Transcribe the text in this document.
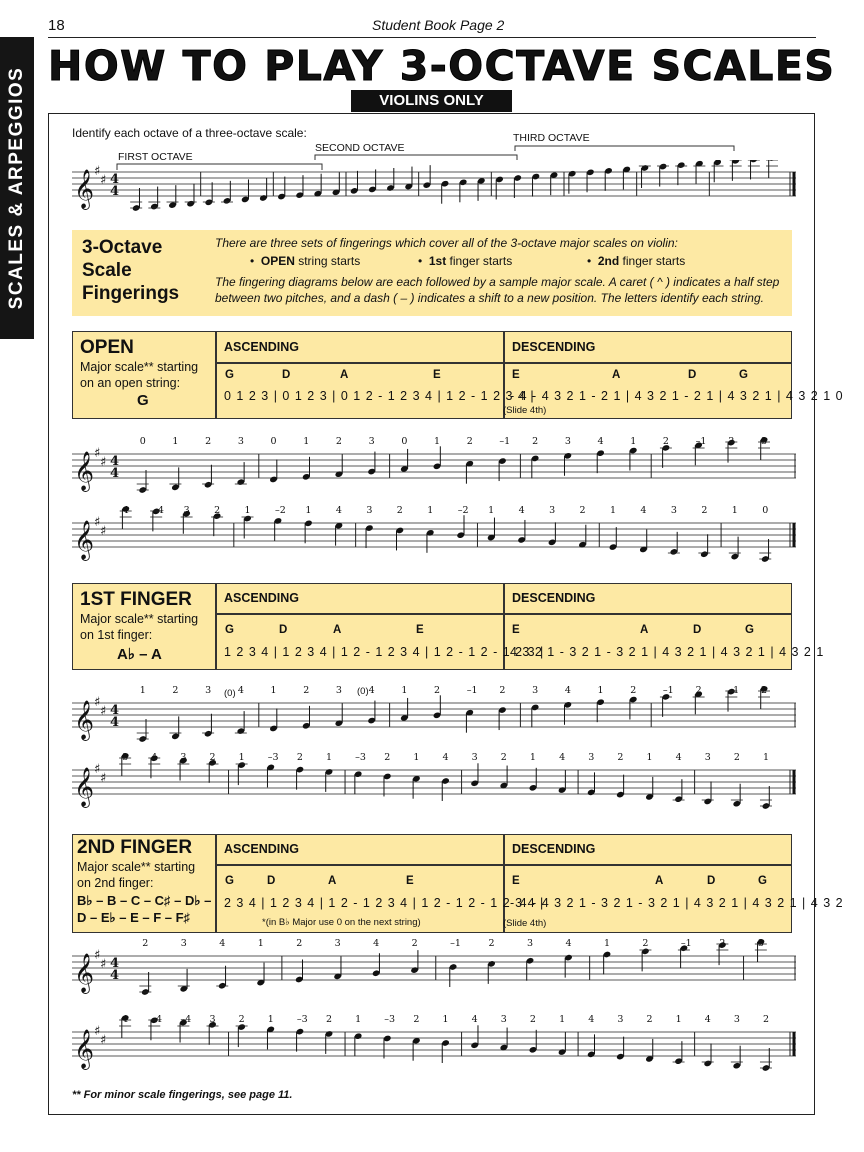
18	Student Book Page 2
SCALES & ARPEGGIOS
HOW TO PLAY 3-OCTAVE SCALES
VIOLINS ONLY
Identify each octave of a three-octave scale:
FIRST OCTAVE
SECOND OCTAVE
THIRD OCTAVE
𝄞 ♯
♯ 4
4
3-Octave
Scale
Fingerings
There are three sets of fingerings which cover all of the 3-octave major scales on violin:
•  OPEN string starts	•  1st finger starts	•  2nd finger starts
The fingering diagrams below are each followed by a sample major scale. A caret ( ^ ) indicates a half step
between two pitches, and a dash ( – ) indicates a shift to a new position. The letters identify each string.
OPEN
Major scale** starting
on an open string:
G
ASCENDING	DESCENDING
G	D	A	E
0 1 2 3 | 0 1 2 3 | 0 1 2 - 1 2 3 4 | 1 2 - 1 2 3 4 |
E	A	D	G
- 4 - 4 3 2 1 - 2 1 | 4 3 2 1 - 2 1 | 4 3 2 1 | 4 3 2 1 0
(Slide 4th)
𝄞 ♯
♯ 4
4
0	1	2	3	0	1	2	3	0	1	2	–1 2	3	4	1	2	–1 2	3
𝄞 ♯
♯
4	–4 3	2	1	–2 1	4	3	2	1	–2 1	4	3	2	1	4	3	2	1	0
1ST FINGER
Major scale** starting
on 1st finger:
A♭ – A
ASCENDING	DESCENDING
G	D	A	E
1 2 3 4 | 1 2 3 4 | 1 2 - 1 2 3 4 | 1 2 - 1 2 - 1 2 3 |
E	A	D	G
4 3 2 1 - 3 2 1 - 3 2 1 | 4 3 2 1 | 4 3 2 1 | 4 3 2 1
𝄞 ♯
♯ 4
4
1	2	3	4	1	2	3	4	1	2	–1 2	3	4	1	2	–1 2	–1 2
(0)	(0)
𝄞 ♯
♯
3 4 3 2 1 –3 2 1 –3 2 1 4 3 2 1 4 3 2 1 4 3 2 1
2ND FINGER
Major scale** starting
on 2nd finger:
B♭ – B – C – C♯ – D♭ –
D – E♭ – E – F – F♯
ASCENDING	DESCENDING
G	D	A	E
2 3 4 | 1 2 3 4 | 1 2 - 1 2 3 4 | 1 2 - 1 2 - 1 2 3 4 |
*(in B♭ Major use 0 on the next string)
E	A	D	G
- 4 - 4 3 2 1 - 3 2 1 - 3 2 1 | 4 3 2 1 | 4 3 2 1 | 4 3 2
(Slide 4th)
𝄞 ♯
♯ 4
4
2	3	4	1	2	3	4	2	–1	2	3	4	1	2	–1	2	3
𝄞 ♯
♯
4 –4 –4 3 2 1 –3 2 1 –3 2 1 4 3 2 1 4 3 2 1 4 3 2
** For minor scale fingerings, see page 11.
